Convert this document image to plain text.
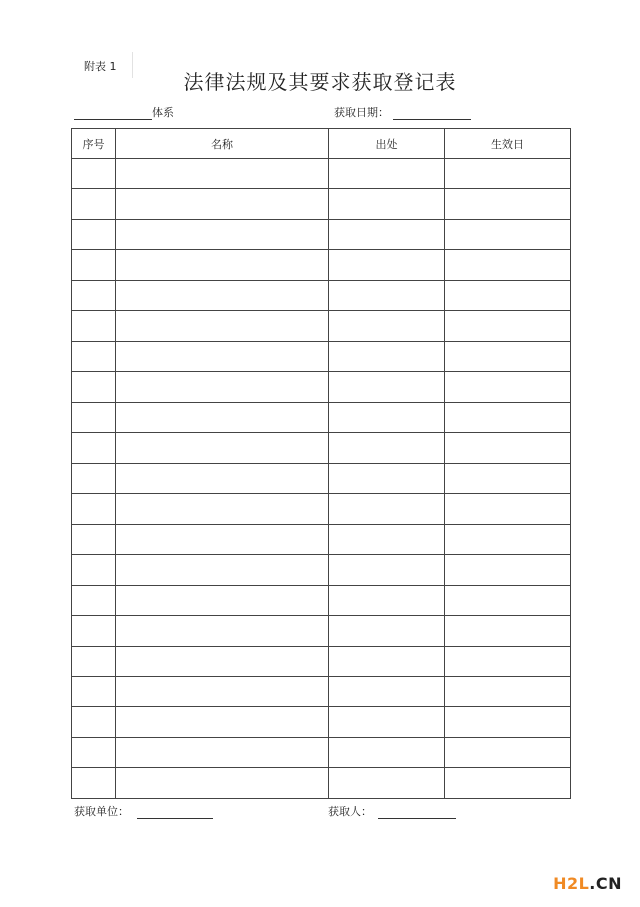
附表 1
法律法规及其要求获取登记表
体系	获取日期：
序号	名称	出处	生效日

获取单位：	获取人：
H2L.CN
